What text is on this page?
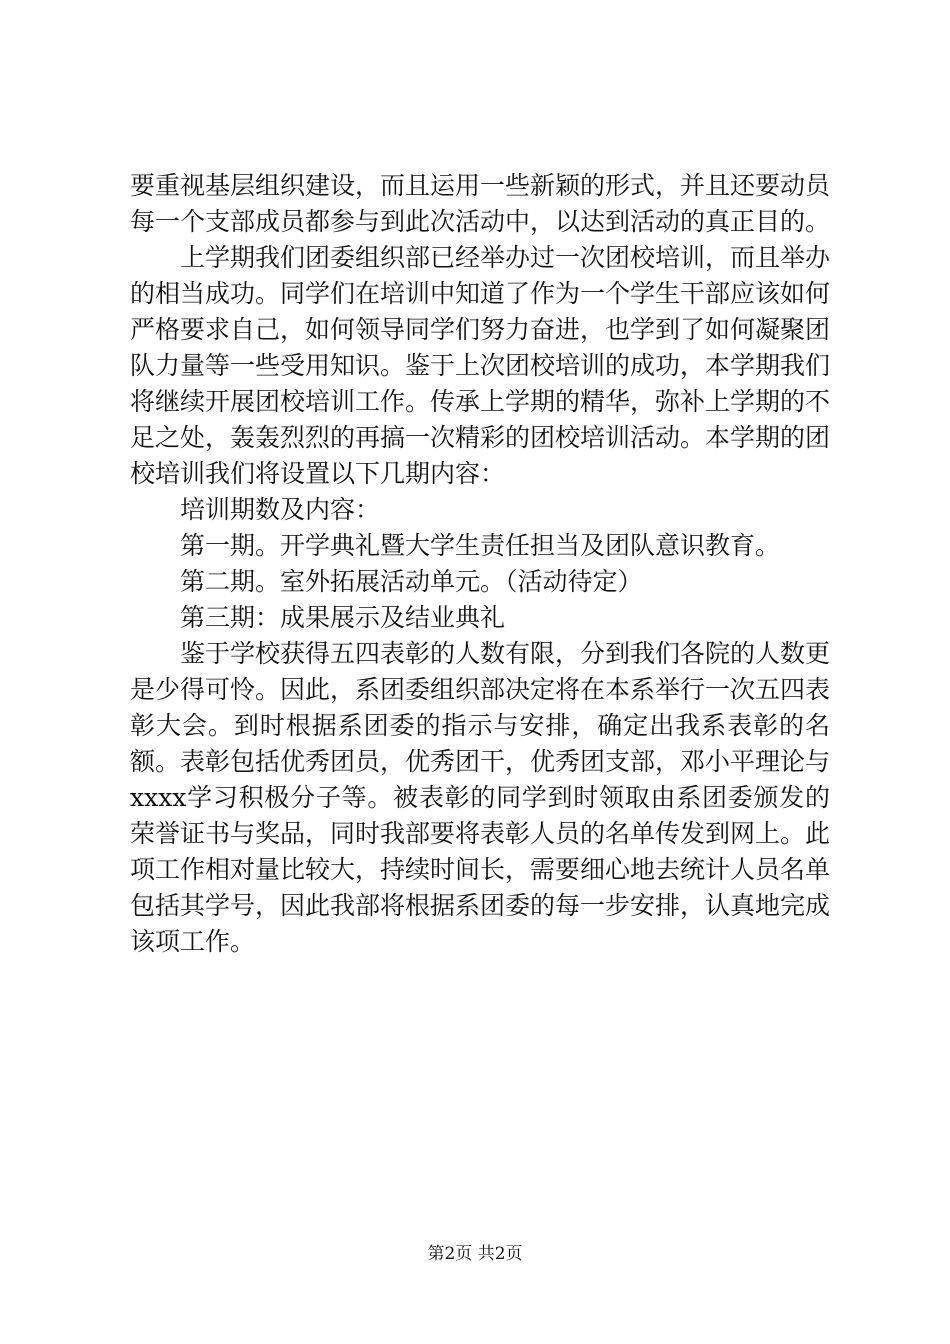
要重视基层组织建设，而且运用一些新颖的形式，并且还要动员每一个支部成员都参与到此次活动中，以达到活动的真正目的。

上学期我们团委组织部已经举办过一次团校培训，而且举办的相当成功。同学们在培训中知道了作为一个学生干部应该如何严格要求自己，如何领导同学们努力奋进，也学到了如何凝聚团队力量等一些受用知识。鉴于上次团校培训的成功，本学期我们将继续开展团校培训工作。传承上学期的精华，弥补上学期的不足之处，轰轰烈烈的再搞一次精彩的团校培训活动。本学期的团校培训我们将设置以下几期内容：

培训期数及内容：

第一期。开学典礼暨大学生责任担当及团队意识教育。

第二期。室外拓展活动单元。（活动待定）

第三期：成果展示及结业典礼

鉴于学校获得五四表彰的人数有限，分到我们各院的人数更是少得可怜。因此，系团委组织部决定将在本系举行一次五四表彰大会。到时根据系团委的指示与安排，确定出我系表彰的名额。表彰包括优秀团员，优秀团干，优秀团支部，邓小平理论与xxxx学习积极分子等。被表彰的同学到时领取由系团委颁发的荣誉证书与奖品，同时我部要将表彰人员的名单传发到网上。此项工作相对量比较大，持续时间长，需要细心地去统计人员名单包括其学号，因此我部将根据系团委的每一步安排，认真地完成该项工作。

第2页 共2页
